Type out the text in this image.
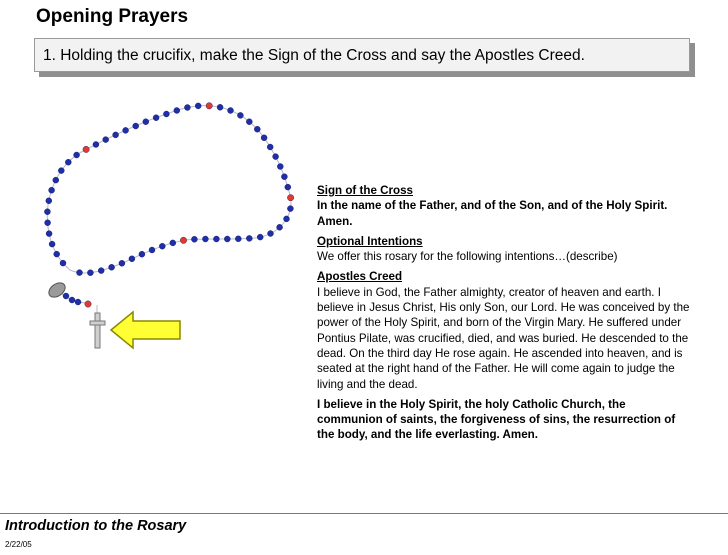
Opening Prayers
1. Holding the crucifix, make the Sign of the Cross and say the Apostles Creed.
Sign of the Cross
In the name of the Father, and of the Son, and of the Holy Spirit. Amen.
Optional Intentions
We offer this rosary for the following intentions…(describe)
Apostles Creed
I believe in God, the Father almighty, creator of heaven and earth. I believe in Jesus Christ, His only Son, our Lord. He was conceived by the power of the Holy Spirit, and born of the Virgin Mary. He suffered under Pontius Pilate, was crucified, died, and was buried. He descended to the dead. On the third day He rose again. He ascended into heaven, and is seated at the right hand of the Father. He will come again to judge the living and the dead.
I believe in the Holy Spirit, the holy Catholic Church, the communion of saints, the forgiveness of sins, the resurrection of the body, and the life everlasting. Amen.
Introduction to the Rosary
2/22/05
